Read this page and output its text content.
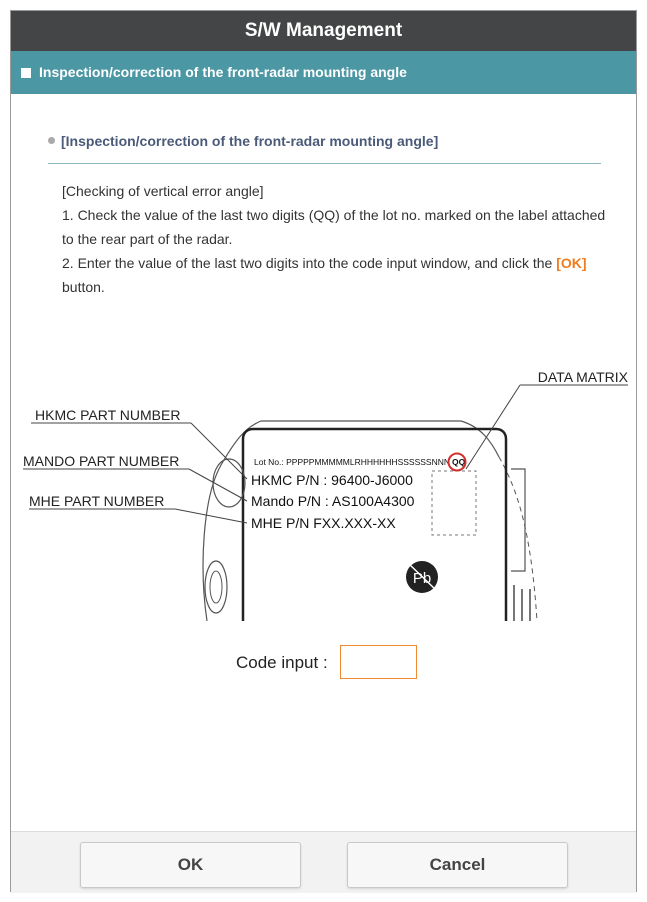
S/W Management
Inspection/correction of the front-radar mounting angle
[Inspection/correction of the front-radar mounting angle]

[Checking of vertical error angle]

1. Check the value of the last two digits (QQ) of the lot no. marked on the label attached to the rear part of the radar.

2. Enter the value of the last two digits into the code input window, and click the [OK] button.

Lot No.: PPPPPMMMMMLRHHHHHHSSSSSSNNN QQ
HKMC P/N : 96400-J6000
Mando P/N : AS100A4300
MHE P/N FXX.XXX-XX
Pb
DATA MATRIX
HKMC PART NUMBER
MANDO PART NUMBER
MHE PART NUMBER
Code input :
OK	Cancel
